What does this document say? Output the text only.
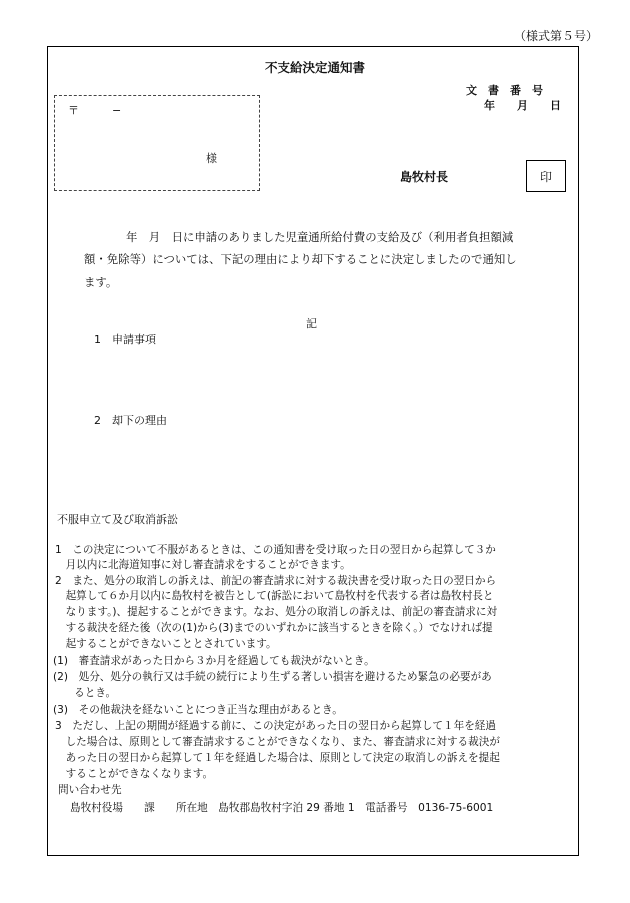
（様式第５号）
不支給決定通知書
文　書　番　号
年　　月　　日
〒　　　−
様
島牧村長	印
年　月　日に申請のありました児童通所給付費の支給及び（利用者負担額減
額・免除等）については、下記の理由により却下することに決定しましたので通知し
ます。
記
1　申請事項
2　却下の理由
不服申立て及び取消訴訟
1　この決定について不服があるときは、この通知書を受け取った日の翌日から起算して３か
　月以内に北海道知事に対し審査請求をすることができます。
2　また、処分の取消しの訴えは、前記の審査請求に対する裁決書を受け取った日の翌日から
　起算して６か月以内に島牧村を被告として(訴訟において島牧村を代表する者は島牧村長と
　なります。)、提起することができます。なお、処分の取消しの訴えは、前記の審査請求に対
　する裁決を経た後（次の(1)から(3)までのいずれかに該当するときを除く。）でなければ提
　起することができないこととされています。
(1)　審査請求があった日から３か月を経過しても裁決がないとき。
(2)　処分、処分の執行又は手続の続行により生ずる著しい損害を避けるため緊急の必要があ
　　るとき。
(3)　その他裁決を経ないことにつき正当な理由があるとき。
3　ただし、上記の期間が経過する前に、この決定があった日の翌日から起算して１年を経過
　した場合は、原則として審査請求することができなくなり、また、審査請求に対する裁決が
　あった日の翌日から起算して１年を経過した場合は、原則として決定の取消しの訴えを提起
　することができなくなります。
問い合わせ先
島牧村役場　　課　　所在地　島牧郡島牧村字泊 29 番地 1　電話番号　0136-75-6001
